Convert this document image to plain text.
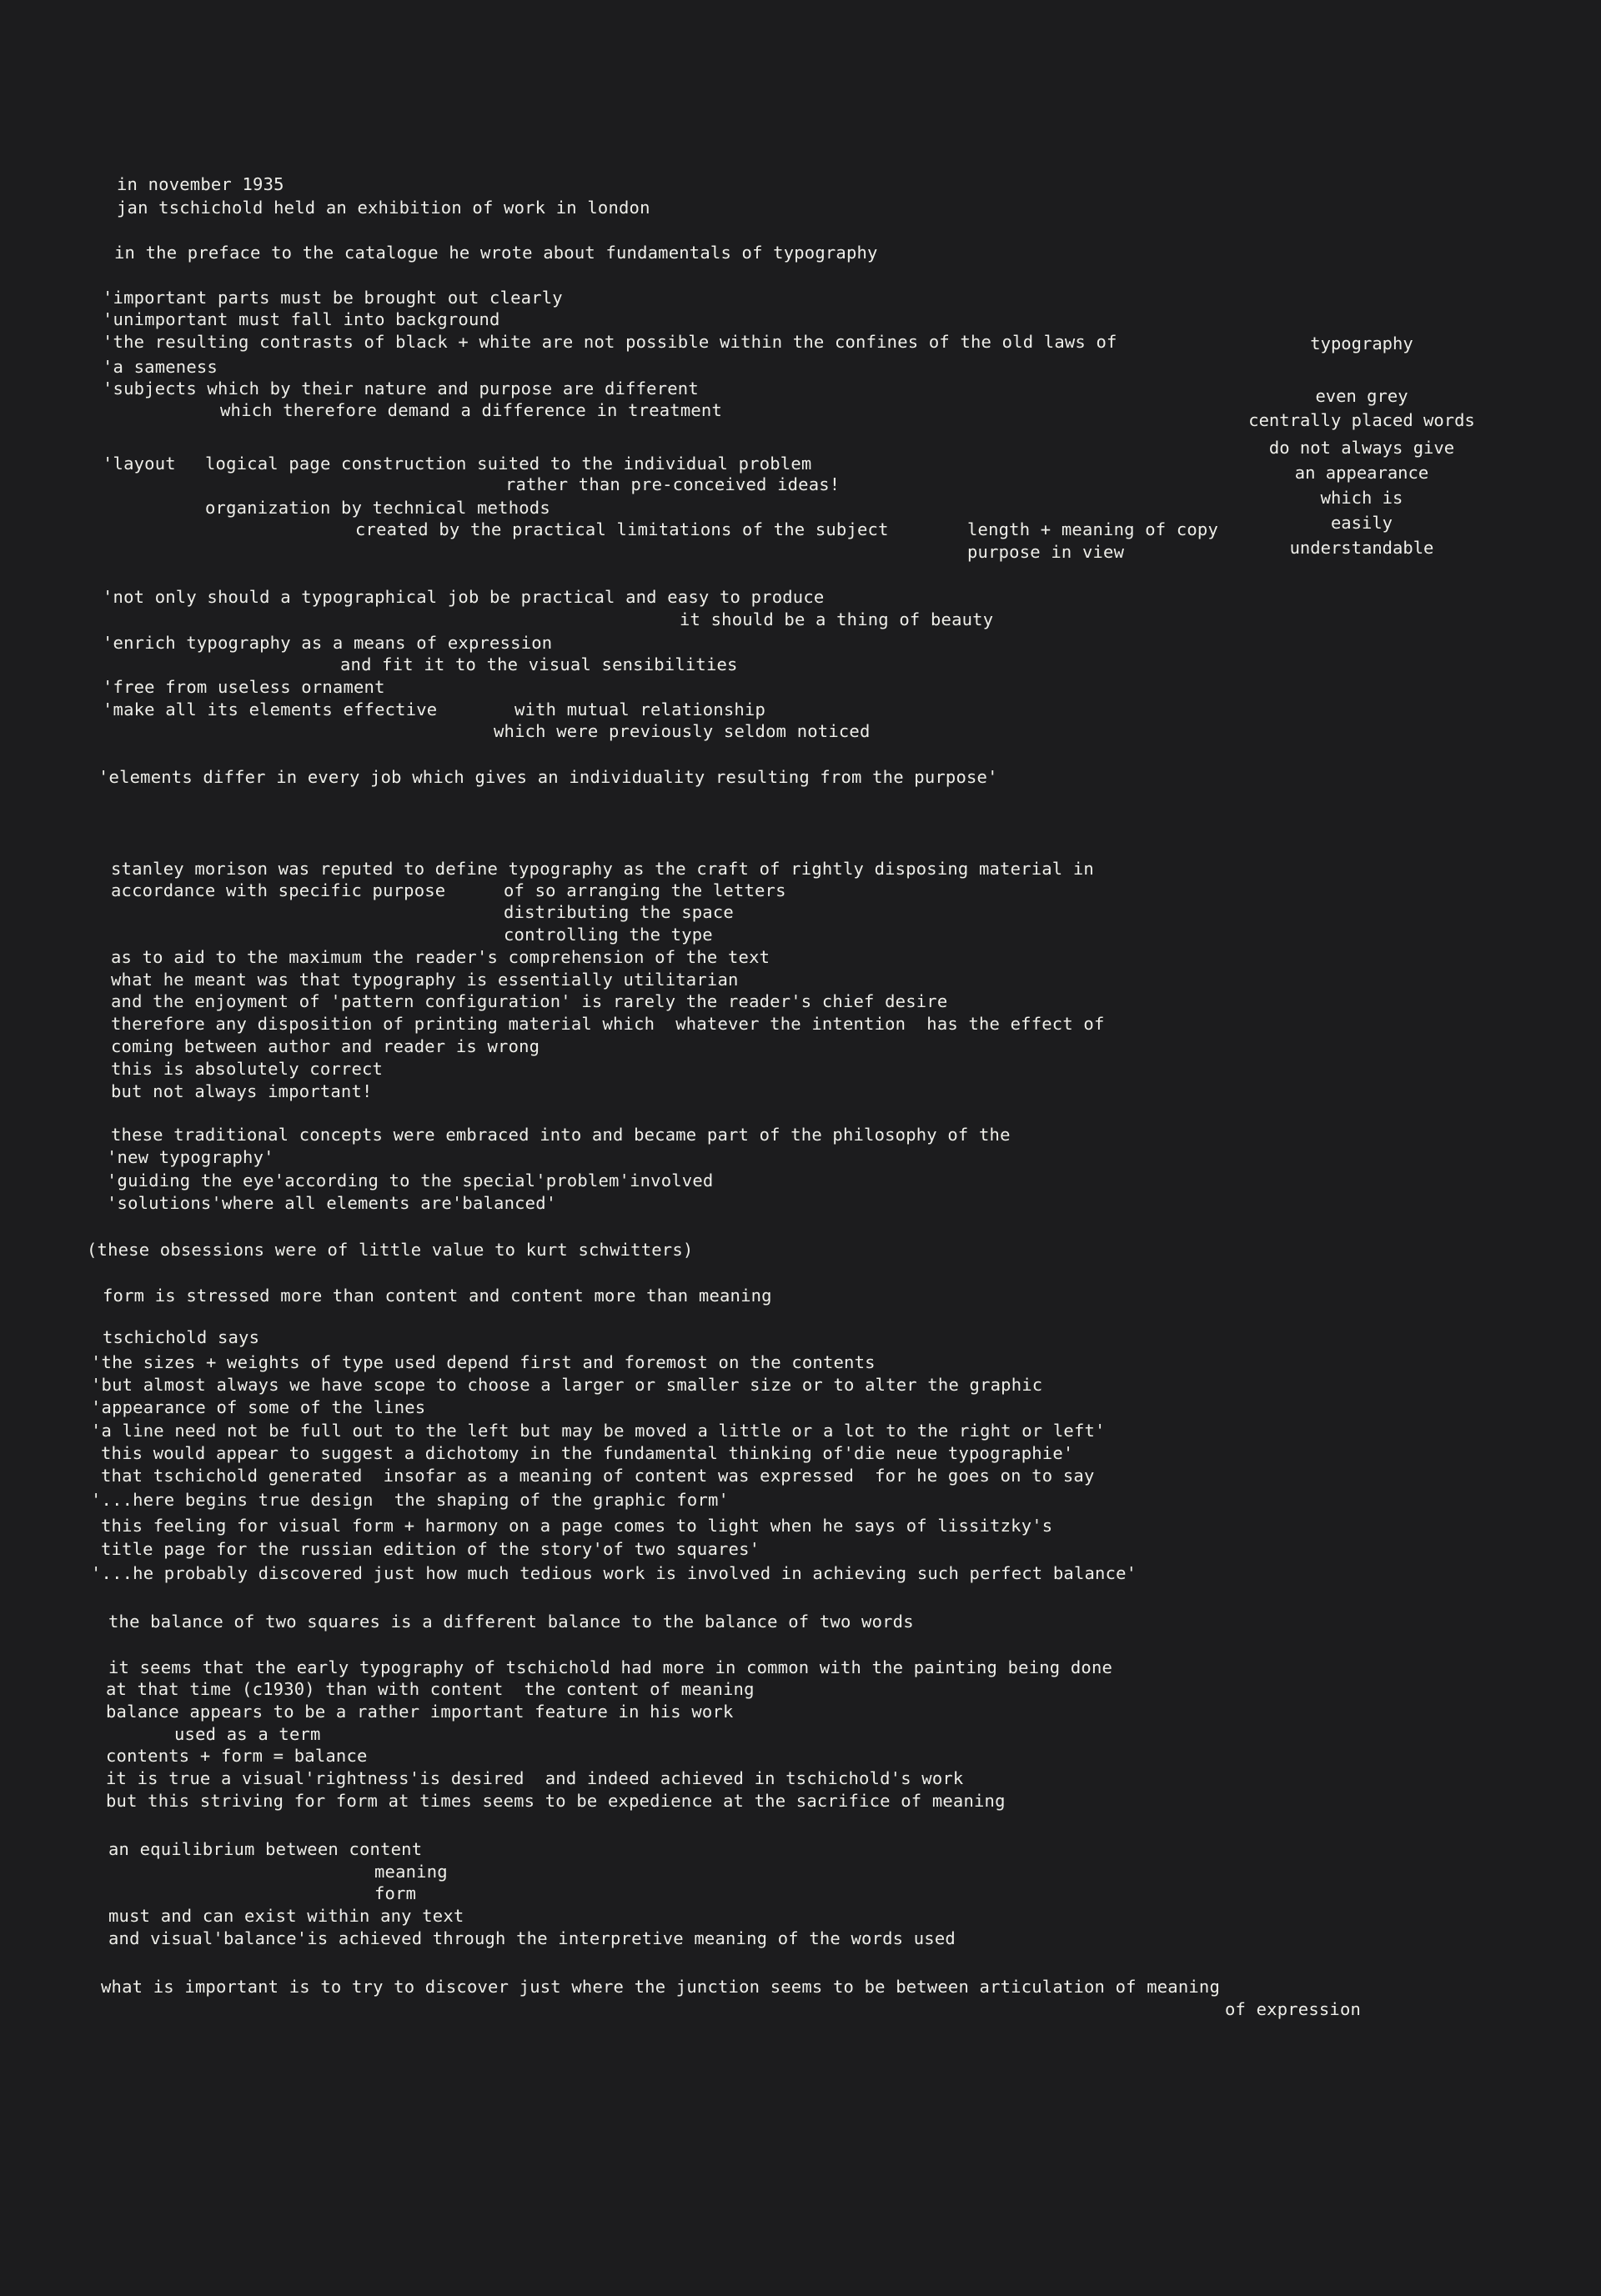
in november 1935
jan tschichold held an exhibition of work in london
in the preface to the catalogue he wrote about fundamentals of typography
'important parts must be brought out clearly
'unimportant must fall into background
'the resulting contrasts of black + white are not possible within the confines of the old laws of
'a sameness
'subjects which by their nature and purpose are different
which therefore demand a difference in treatment
'layout logical page construction suited to the individual problem
rather than pre-conceived ideas!
organization by technical methods
created by the practical limitations of the subject	length + meaning of copy
purpose in view
'not only should a typographical job be practical and easy to produce
it should be a thing of beauty
'enrich typography as a means of expression
and fit it to the visual sensibilities
'free from useless ornament
'make all its elements effective	with mutual relationship
which were previously seldom noticed
'elements differ in every job which gives an individuality resulting from the purpose'
typography
even grey
centrally placed words
do not always give
an appearance
which is
easily
understandable
stanley morison was reputed to define typography as the craft of rightly disposing material in
accordance with specific purpose	of so arranging the letters
distributing the space
controlling the type
as to aid to the maximum the reader's comprehension of the text
what he meant was that typography is essentially utilitarian
and the enjoyment of 'pattern configuration' is rarely the reader's chief desire
therefore any disposition of printing material which  whatever the intention  has the effect of
coming between author and reader is wrong
this is absolutely correct
but not always important!
these traditional concepts were embraced into and became part of the philosophy of the
'new typography'
'guiding the eye'according to the special'problem'involved
'solutions'where all elements are'balanced'
(these obsessions were of little value to kurt schwitters)
form is stressed more than content and content more than meaning
tschichold says
'the sizes + weights of type used depend first and foremost on the contents
'but almost always we have scope to choose a larger or smaller size or to alter the graphic
'appearance of some of the lines
'a line need not be full out to the left but may be moved a little or a lot to the right or left'
this would appear to suggest a dichotomy in the fundamental thinking of'die neue typographie'
that tschichold generated  insofar as a meaning of content was expressed  for he goes on to say
'...here begins true design  the shaping of the graphic form'
this feeling for visual form + harmony on a page comes to light when he says of lissitzky's
title page for the russian edition of the story'of two squares'
'...he probably discovered just how much tedious work is involved in achieving such perfect balance'
the balance of two squares is a different balance to the balance of two words
it seems that the early typography of tschichold had more in common with the painting being done
at that time (c1930) than with content  the content of meaning
balance appears to be a rather important feature in his work
used as a term
contents + form = balance
it is true a visual'rightness'is desired  and indeed achieved in tschichold's work
but this striving for form at times seems to be expedience at the sacrifice of meaning
an equilibrium between content
meaning
form
must and can exist within any text
and visual'balance'is achieved through the interpretive meaning of the words used
what is important is to try to discover just where the junction seems to be between articulation of meaning
of expression
